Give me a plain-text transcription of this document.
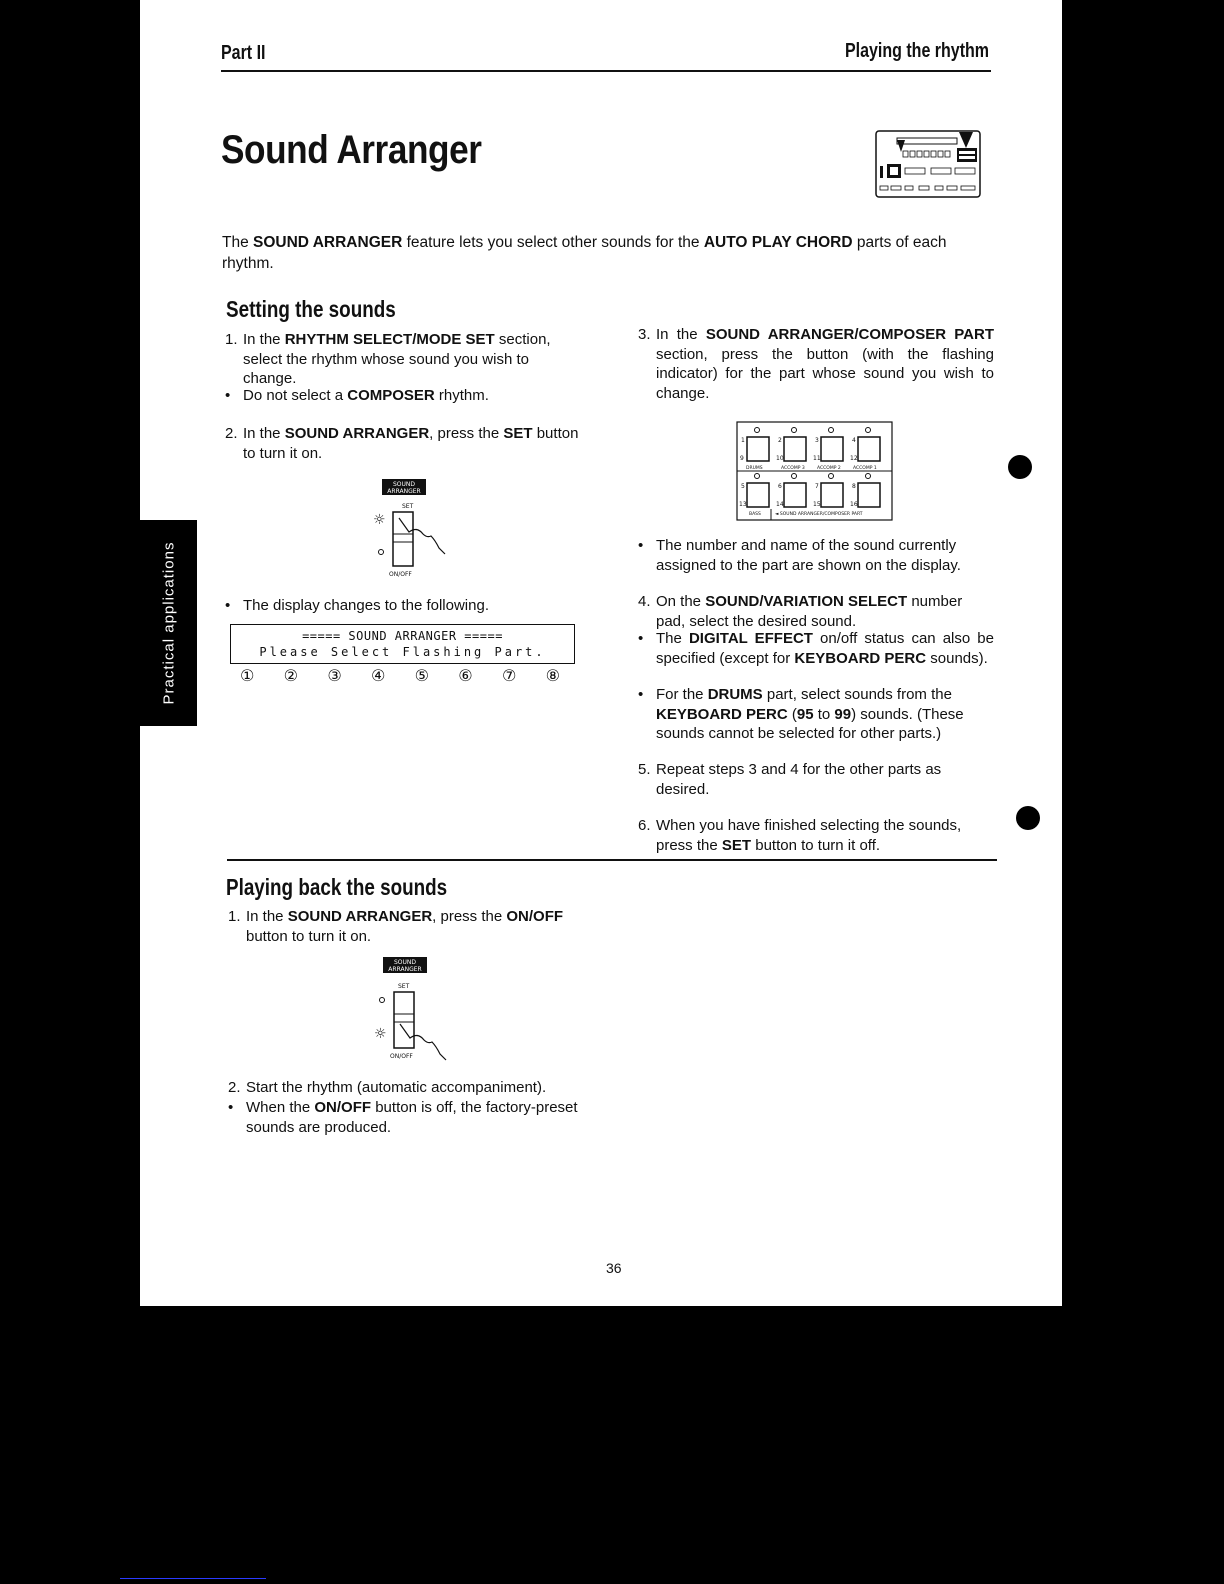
Part II	Playing the rhythm
Sound Arranger
The SOUND ARRANGER feature lets you select other sounds for the AUTO PLAY CHORD parts of each rhythm.
Practical applications
Setting the sounds
1. In the RHYTHM SELECT/MODE SET section, select the rhythm whose sound you wish to change.
• Do not select a COMPOSER rhythm.
2. In the SOUND ARRANGER, press the SET button to turn it on.
SOUND
ARRANGER
SET
☼
ON/OFF
• The display changes to the following.
===== SOUND ARRANGER =====
Please Select Flashing Part.
① ② ③ ④ ⑤ ⑥ ⑦ ⑧
3. In the SOUND ARRANGER/COMPOSER PART section, press the button (with the flashing indicator) for the part whose sound you wish to change.
1	2	3	4
9	10	11	12
5	6	7	8
13	14	15	16
DRUMS	ACCOMP 3	ACCOMP 2	ACCOMP 1
BASS	◄ SOUND ARRANGER/COMPOSER PART
• The number and name of the sound currently assigned to the part are shown on the display.
4. On the SOUND/VARIATION SELECT number pad, select the desired sound.
• The DIGITAL EFFECT on/off status can also be specified (except for KEYBOARD PERC sounds).
• For the DRUMS part, select sounds from the KEYBOARD PERC (95 to 99) sounds. (These sounds cannot be selected for other parts.)
5. Repeat steps 3 and 4 for the other parts as desired.
6. When you have finished selecting the sounds, press the SET button to turn it off.
Playing back the sounds
1. In the SOUND ARRANGER, press the ON/OFF button to turn it on.
SOUND
ARRANGER
SET
☼
ON/OFF
2. Start the rhythm (automatic accompaniment).
• When the ON/OFF button is off, the factory-preset sounds are produced.
36
